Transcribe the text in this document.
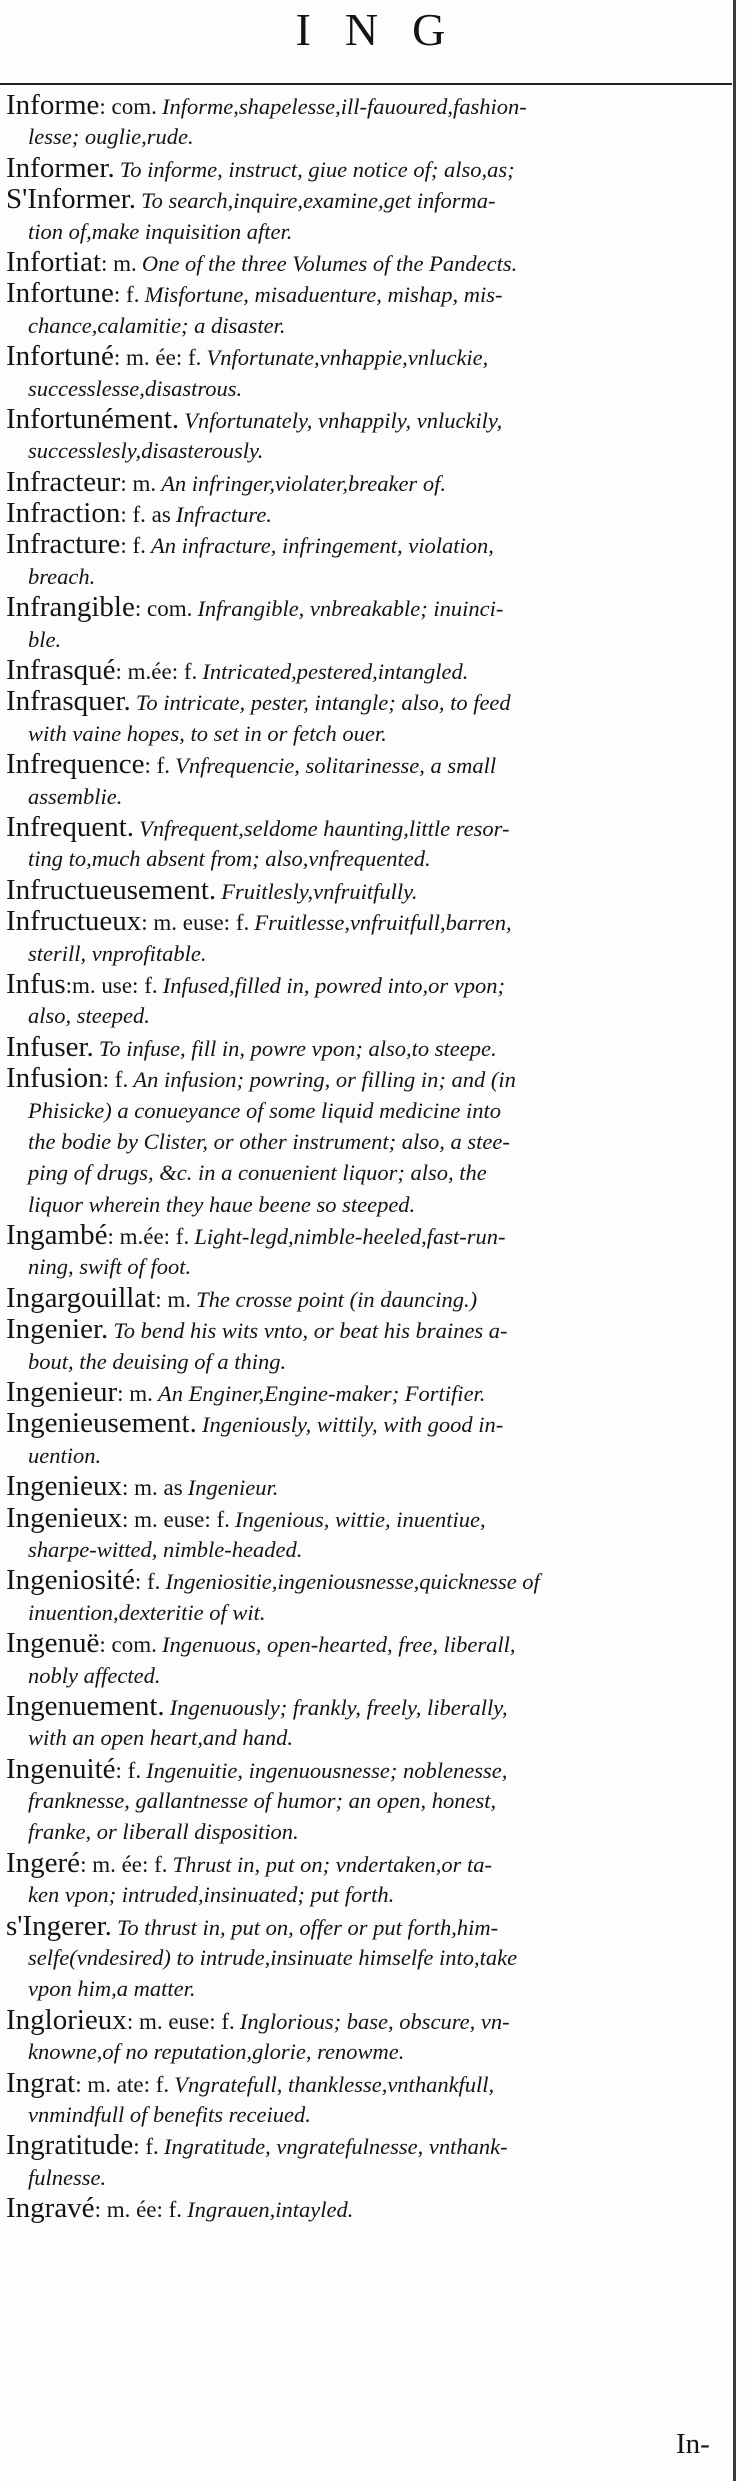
ING
Informe: com. Informe,shapelesse,ill-fauoured,fashion-
lesse; ouglie,rude.
Informer. To informe, instruct, giue notice of; also,as;
S'Informer. To search,inquire,examine,get informa-
tion of,make inquisition after.
Infortiat: m. One of the three Volumes of the Pandects.
Infortune: f. Misfortune, misaduenture, mishap, mis-
chance,calamitie; a disaster.
Infortuné: m. ée: f. Vnfortunate,vnhappie,vnluckie,
successlesse,disastrous.
Infortunément. Vnfortunately, vnhappily, vnluckily,
successlesly,disasterously.
Infracteur: m. An infringer,violater,breaker of.
Infraction: f. as Infracture.
Infracture: f. An infracture, infringement, violation,
breach.
Infrangible: com. Infrangible, vnbreakable; inuinci-
ble.
Infrasqué: m.ée: f. Intricated,pestered,intangled.
Infrasquer. To intricate, pester, intangle; also, to feed
with vaine hopes, to set in or fetch ouer.
Infrequence: f. Vnfrequencie, solitarinesse, a small
assemblie.
Infrequent. Vnfrequent,seldome haunting,little resor-
ting to,much absent from; also,vnfrequented.
Infructueusement. Fruitlesly,vnfruitfully.
Infructueux: m. euse: f. Fruitlesse,vnfruitfull,barren,
sterill, vnprofitable.
Infus:m. use: f. Infused,filled in, powred into,or vpon;
also, steeped.
Infuser. To infuse, fill in, powre vpon; also,to steepe.
Infusion: f. An infusion; powring, or filling in; and (in
Phisicke) a conueyance of some liquid medicine into
the bodie by Clister, or other instrument; also, a stee-
ping of drugs, &c. in a conuenient liquor; also, the
liquor wherein they haue beene so steeped.
Ingambé: m.ée: f. Light-legd,nimble-heeled,fast-run-
ning, swift of foot.
Ingargouillat: m. The crosse point (in dauncing.)
Ingenier. To bend his wits vnto, or beat his braines a-
bout, the deuising of a thing.
Ingenieur: m. An Enginer,Engine-maker; Fortifier.
Ingenieusement. Ingeniously, wittily, with good in-
uention.
Ingenieux: m. as Ingenieur.
Ingenieux: m. euse: f. Ingenious, wittie, inuentiue,
sharpe-witted, nimble-headed.
Ingeniosité: f. Ingeniositie,ingeniousnesse,quicknesse of
inuention,dexteritie of wit.
Ingenuë: com. Ingenuous, open-hearted, free, liberall,
nobly affected.
Ingenuement. Ingenuously; frankly, freely, liberally,
with an open heart,and hand.
Ingenuité: f. Ingenuitie, ingenuousnesse; noblenesse,
franknesse, gallantnesse of humor; an open, honest,
franke, or liberall disposition.
Ingeré: m. ée: f. Thrust in, put on; vndertaken,or ta-
ken vpon; intruded,insinuated; put forth.
s'Ingerer. To thrust in, put on, offer or put forth,him-
selfe(vndesired) to intrude,insinuate himselfe into,take
vpon him,a matter.
Inglorieux: m. euse: f. Inglorious; base, obscure, vn-
knowne,of no reputation,glorie, renowme.
Ingrat: m. ate: f. Vngratefull, thanklesse,vnthankfull,
vnmindfull of benefits receiued.
Ingratitude: f. Ingratitude, vngratefulnesse, vnthank-
fulnesse.
Ingravé: m. ée: f. Ingrauen,intayled.
In-
